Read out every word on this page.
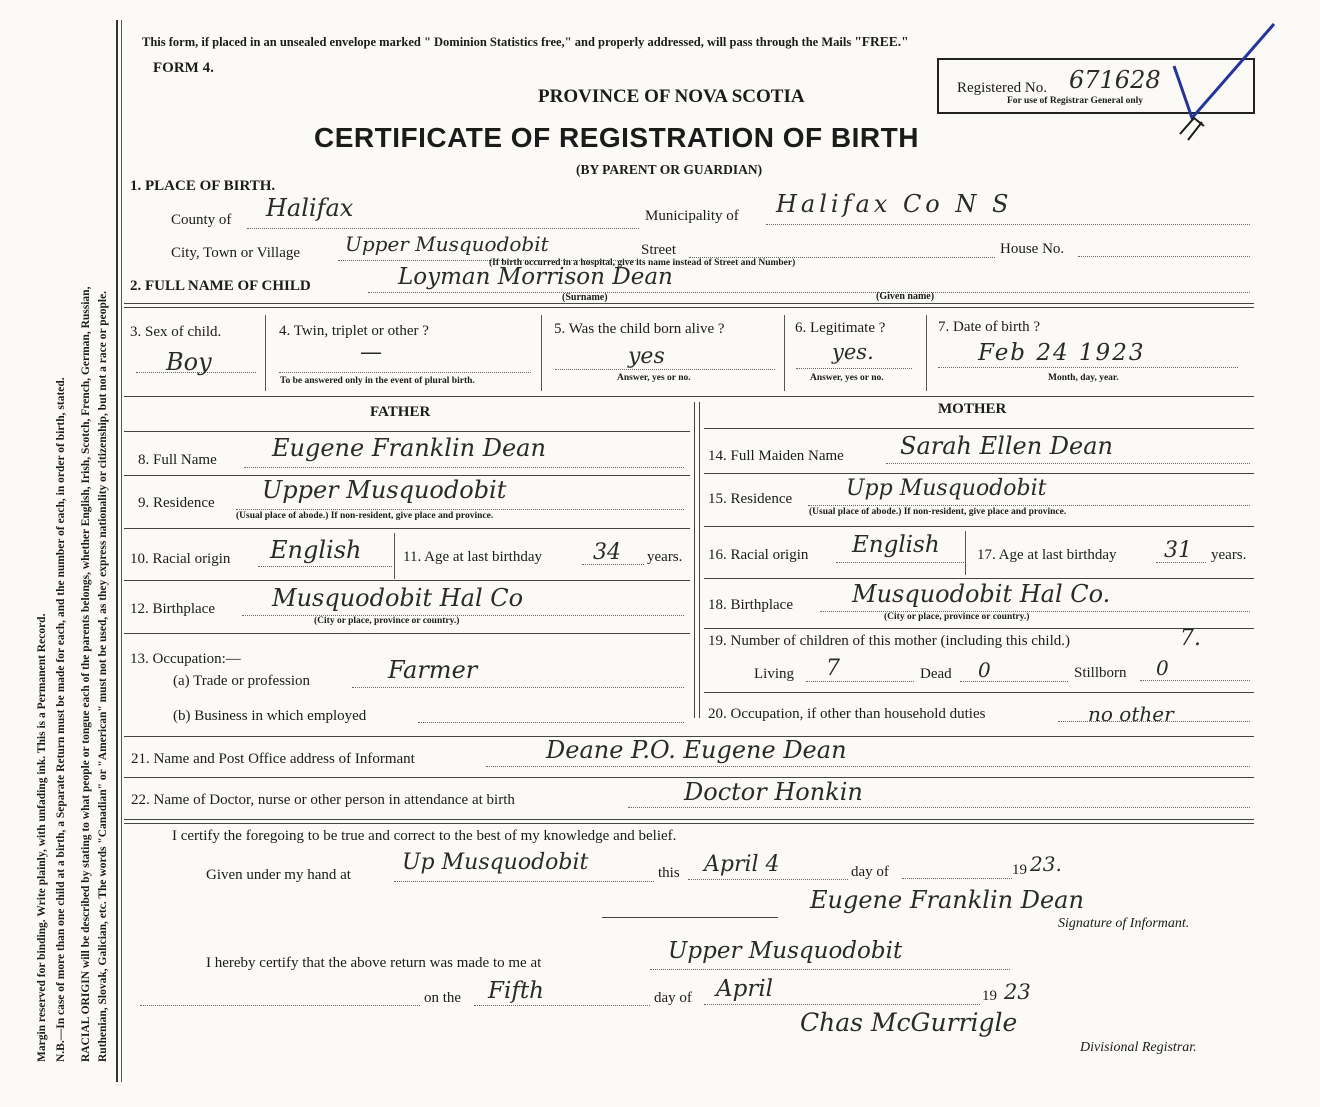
Margin reserved for binding. Write plainly, with unfading ink. This is a Permanent Record. N.B.—In case of more than one child at a birth, a Separate Return must be made for each, and the number of each, in order of birth, stated. RACIAL ORIGIN will be described by stating to what people or tongue each of the parents belongs, whether English, Irish, Scotch, French, German, Russian, Ruthenian, Slovak, Galician, etc. The words "Canadian" or "American" must not be used, as they express nationality or citizenship, but not a race or people.
This form, if placed in an unsealed envelope marked " Dominion Statistics free," and properly addressed, will pass through the Mails "FREE."
FORM 4.
PROVINCE OF NOVA SCOTIA
CERTIFICATE OF REGISTRATION OF BIRTH
(BY PARENT OR GUARDIAN)
Registered No. 671628
For use of Registrar General only
1. PLACE OF BIRTH.
County of Halifax	Municipality of Halifax Co N S
City, Town or Village Upper Musquodobit	Street	House No.
(If birth occurred in a hospital, give its name instead of Street and Number)
2. FULL NAME OF CHILD	Loyman Morrison Dean
(Surname)	(Given name)
3. Sex of child.
Boy
4. Twin, triplet or other ?
—
To be answered only in the event of plural birth.
5. Was the child born alive ?
yes
Answer, yes or no.
6. Legitimate ?
yes.
Answer, yes or no.
7. Date of birth ?
Feb 24 1923
Month, day, year.
FATHER	MOTHER
8. Full Name Eugene Franklin Dean
9. Residence Upper Musquodobit
(Usual place of abode.) If non-resident, give place and province.
10. Racial origin English	11. Age at last birthday 34 years.
12. Birthplace Musquodobit Hal Co
(City or place, province or country.)
13. Occupation:—
(a) Trade or profession	Farmer
(b) Business in which employed
14. Full Maiden Name Sarah Ellen Dean
15. Residence Upp Musquodobit
(Usual place of abode.) If non-resident, give place and province.
16. Racial origin English 17. Age at last birthday 31 years.
18. Birthplace Musquodobit Hal Co.
(City or place, province or country.)
19. Number of children of this mother (including this child.)	7.
Living 7	Dead 0	Stillborn 0
20. Occupation, if other than household duties	no other
21. Name and Post Office address of Informant	Deane P.O. Eugene Dean
22. Name of Doctor, nurse or other person in attendance at birth	Doctor Honkin
I certify the foregoing to be true and correct to the best of my knowledge and belief.
Given under my hand at Up Musquodobit	this April 4	day of	19 23.
Eugene Franklin Dean
Signature of Informant.
I hereby certify that the above return was made to me at	Upper Musquodobit
on the Fifth	day of April	19 23
Chas McGurrigle
Divisional Registrar.
